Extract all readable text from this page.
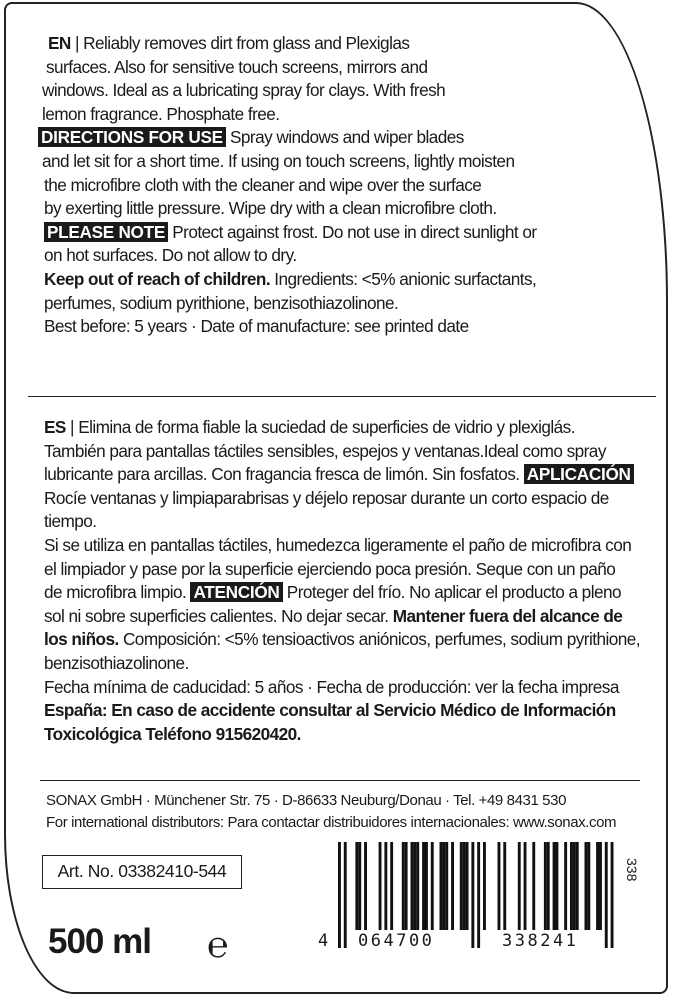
EN | Reliably removes dirt from glass and Plexiglas

surfaces. Also for sensitive touch screens, mirrors and

windows. Ideal as a lubricating spray for clays. With fresh

lemon fragrance. Phosphate free.

DIRECTIONS FOR USE Spray windows and wiper blades

and let sit for a short time. If using on touch screens, lightly moisten

the microfibre cloth with the cleaner and wipe over the surface

by exerting little pressure. Wipe dry with a clean microfibre cloth.

PLEASE NOTE Protect against frost. Do not use in direct sunlight or

on hot surfaces. Do not allow to dry.

Keep out of reach of children. Ingredients: <5% anionic surfactants,

perfumes, sodium pyrithione, benzisothiazolinone.

Best before: 5 years · Date of manufacture: see printed date

ES | Elimina de forma fiable la suciedad de superficies de vidrio y plexiglás.

También para pantallas táctiles sensibles, espejos y ventanas.Ideal como spray

lubricante para arcillas. Con fragancia fresca de limón. Sin fosfatos. APLICACIÓN

Rocíe ventanas y limpiaparabrisas y déjelo reposar durante un corto espacio de tiempo.

Si se utiliza en pantallas táctiles, humedezca ligeramente el paño de microfibra con

el limpiador y pase por la superficie ejerciendo poca presión. Seque con un paño

de microfibra limpio. ATENCIÓN Proteger del frío. No aplicar el producto a pleno

sol ni sobre superficies calientes. No dejar secar. Mantener fuera del alcance de

los niños. Composición: <5% tensioactivos aniónicos, perfumes, sodium pyrithione,

benzisothiazolinone.

Fecha mínima de caducidad: 5 años · Fecha de producción: ver la fecha impresa

España: En caso de accidente consultar al Servicio Médico de Información

Toxicológica Teléfono 915620420.

SONAX GmbH · Münchener Str. 75 · D-86633 Neuburg/Donau · Tel. +49 8431 530

For international distributors: Para contactar distribuidores internacionales: www.sonax.com

Art. No. 03382410-544
500 ml ℮	4 064700	338241
338
